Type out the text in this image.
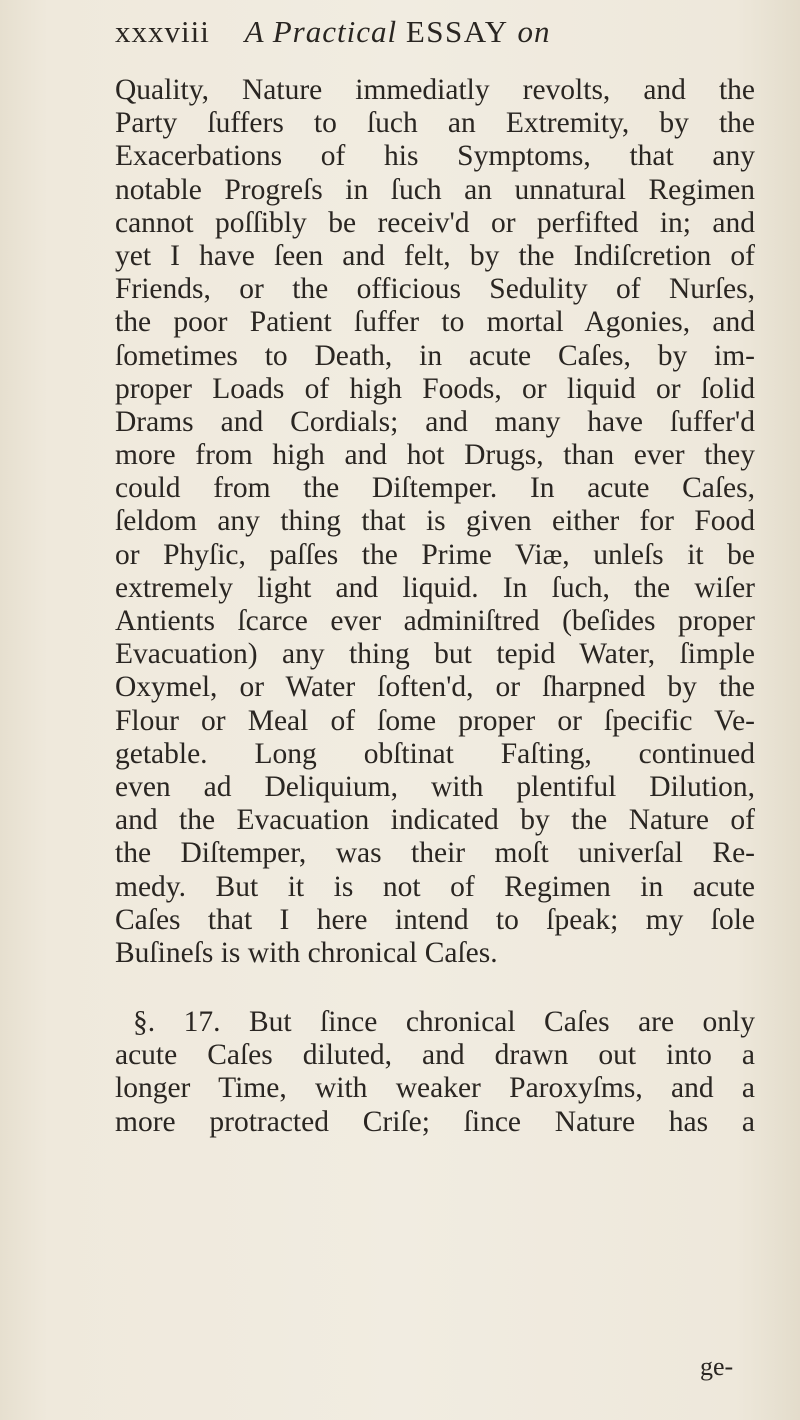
xxxviii A Practical ESSAY on
Quality, Nature immediatly revolts, and the
Party ſuffers to ſuch an Extremity, by the
Exacerbations of his Symptoms, that any
notable Progreſs in ſuch an unnatural Regimen
cannot poſſibly be receiv'd or perfifted in; and
yet I have ſeen and felt, by the Indiſcretion of
Friends, or the officious Sedulity of Nurſes,
the poor Patient ſuffer to mortal Agonies, and
ſometimes to Death, in acute Caſes, by im-
proper Loads of high Foods, or liquid or ſolid
Drams and Cordials; and many have ſuffer'd
more from high and hot Drugs, than ever they
could from the Diſtemper. In acute Caſes,
ſeldom any thing that is given either for Food
or Phyſic, paſſes the Prime Viæ, unleſs it be
extremely light and liquid. In ſuch, the wiſer
Antients ſcarce ever adminiſtred (beſides proper
Evacuation) any thing but tepid Water, ſimple
Oxymel, or Water ſoften'd, or ſharpned by the
Flour or Meal of ſome proper or ſpecific Ve-
getable. Long obſtinat Faſting, continued
even ad Deliquium, with plentiful Dilution,
and the Evacuation indicated by the Nature of
the Diſtemper, was their moſt univerſal Re-
medy. But it is not of Regimen in acute
Caſes that I here intend to ſpeak; my ſole
Buſineſs is with chronical Caſes.
§. 17. But ſince chronical Caſes are only
acute Caſes diluted, and drawn out into a
longer Time, with weaker Paroxyſms, and a
more protracted Criſe; ſince Nature has a
ge-
